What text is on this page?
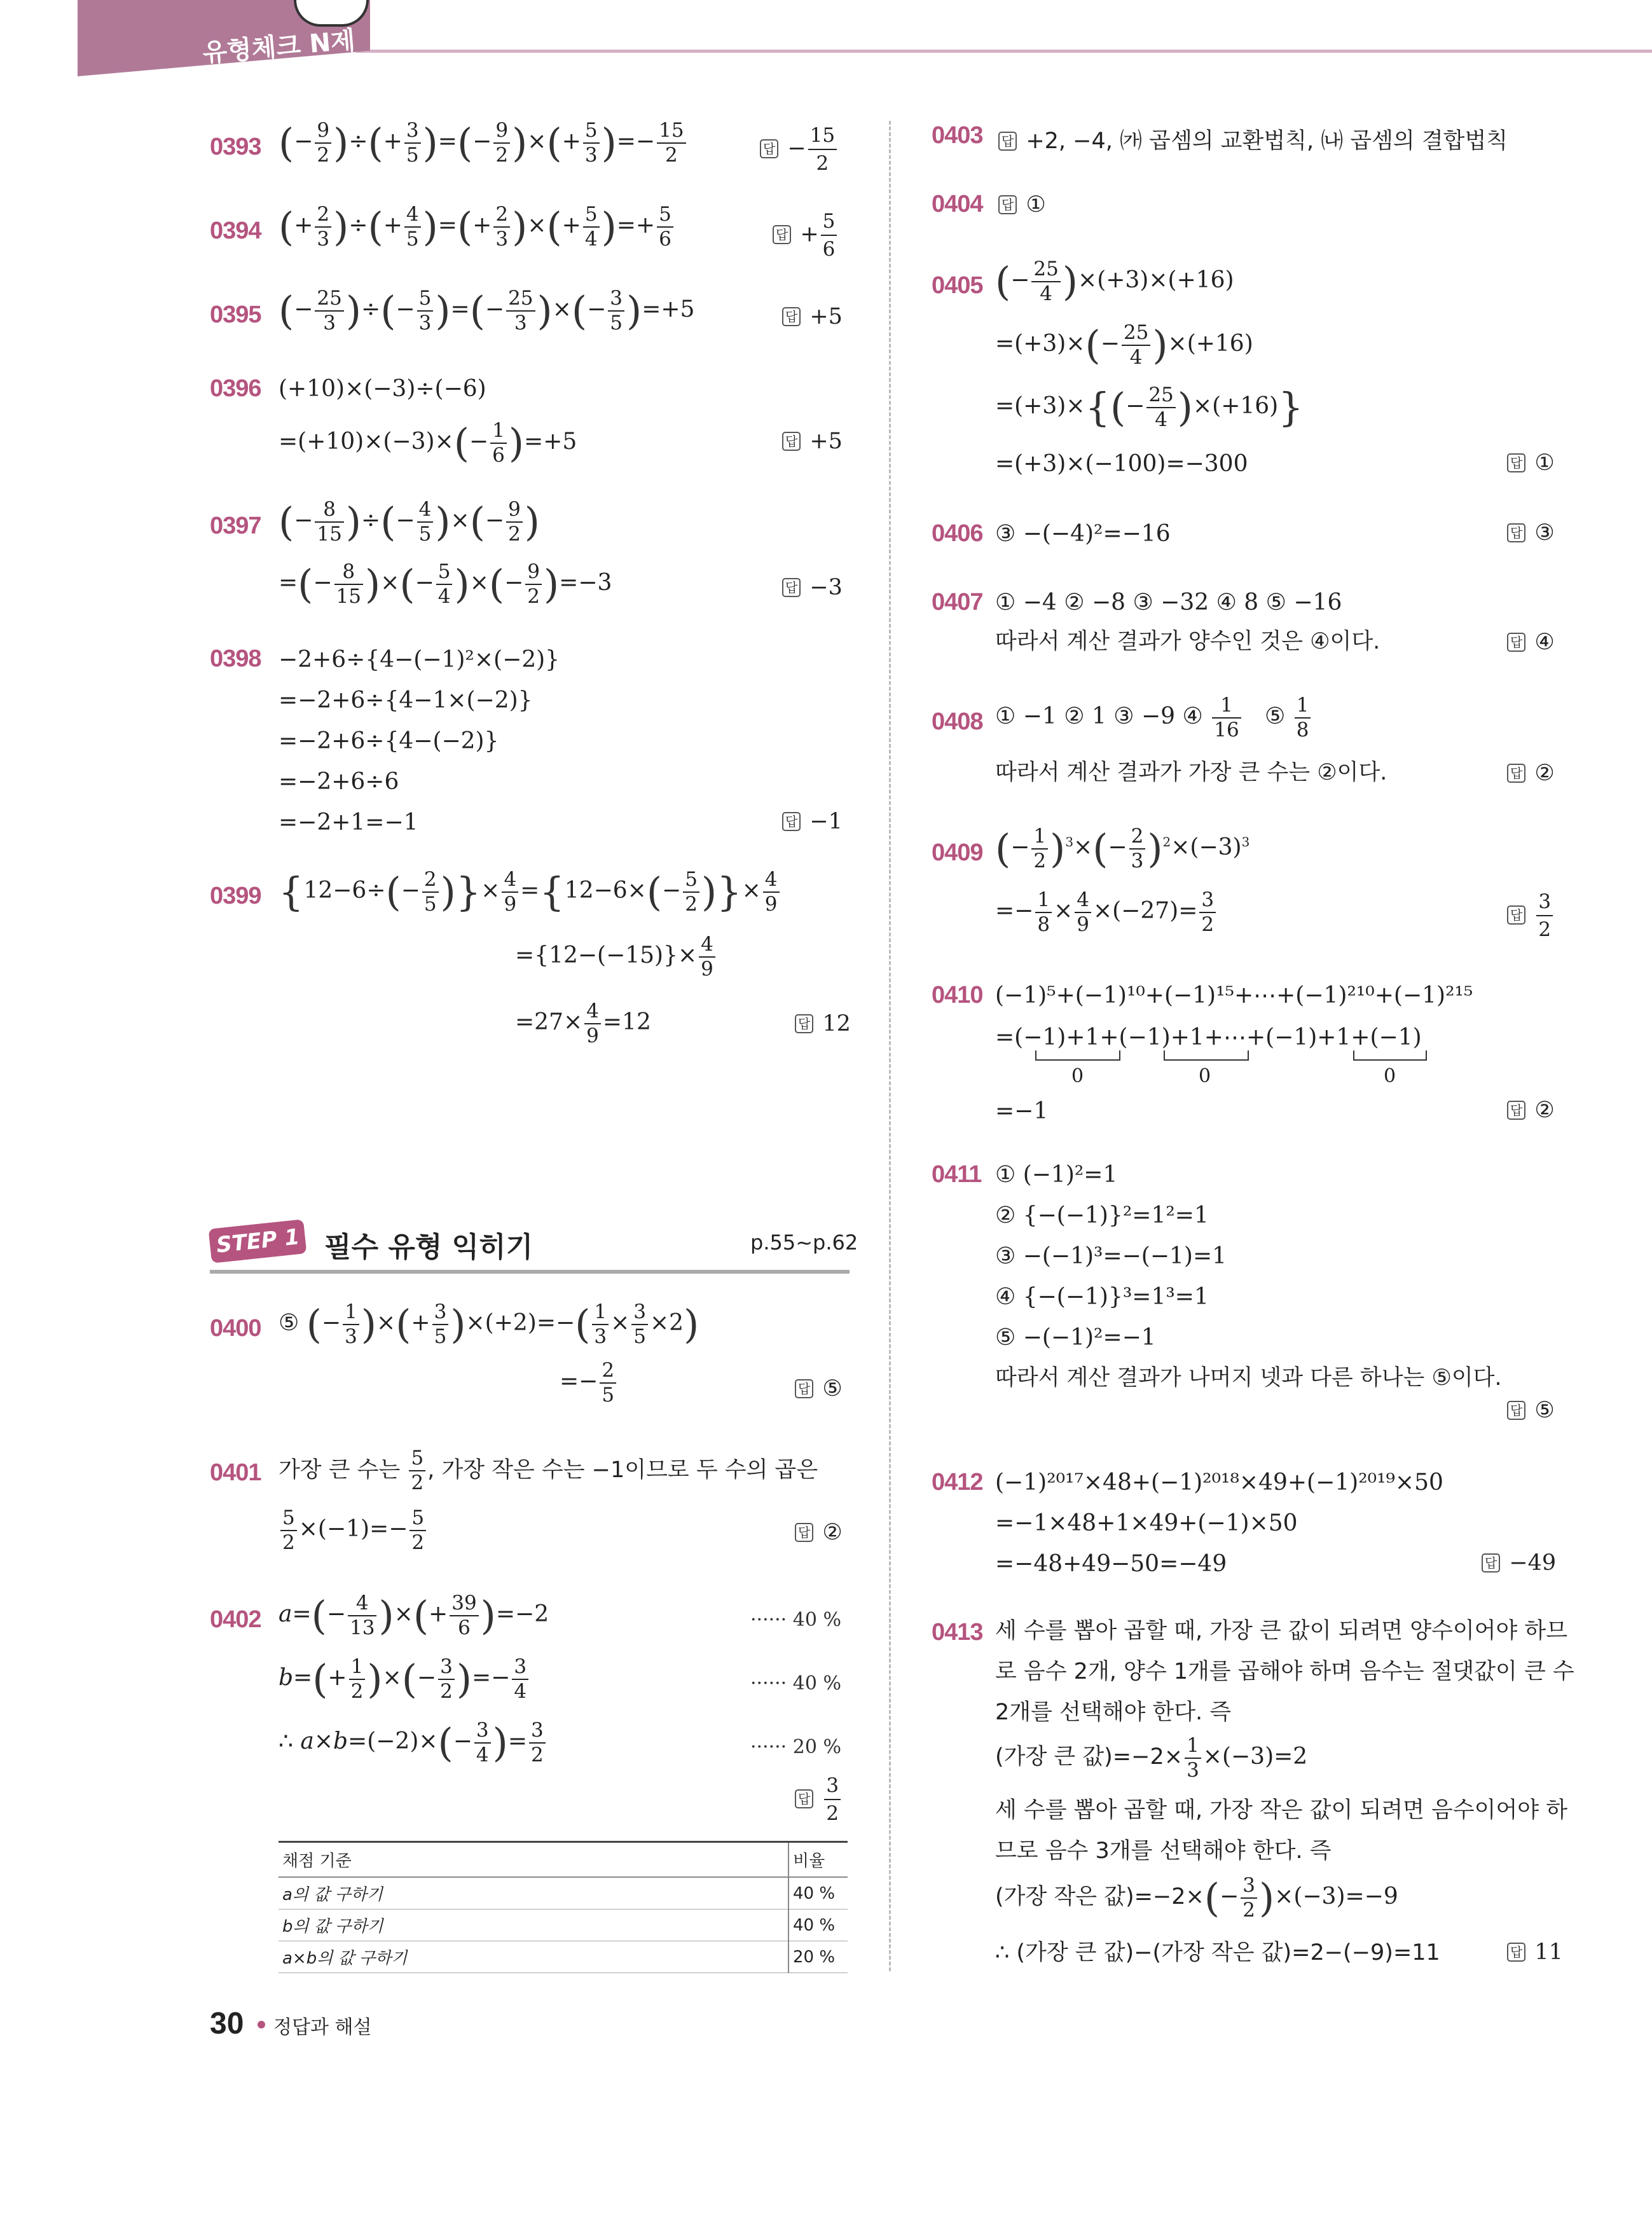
유형체크 N제
0393 (− $\frac{9}{2}$ )÷(+ $\frac{3}{5}$ )=(− $\frac{9}{2}$ )×(+ $\frac{5}{3}$ )=− $\frac{15}{2}$	답 − $\frac{15}{2}$
0394 (+ $\frac{2}{3}$ )÷(+ $\frac{4}{5}$ )=(+ $\frac{2}{3}$ )×(+ $\frac{5}{4}$ )=+ $\frac{5}{6}$	답 + $\frac{5}{6}$
0395 (− $\frac{25}{3}$ )÷(− $\frac{5}{3}$ )=(− $\frac{25}{3}$ )×(− $\frac{3}{5} )=+5$	답 +5
0396 (+10)×(−3)÷(−6)
$=(+10)\times(-3)\times(- \frac{1}{6} )=+5$	답 +5
0397 (− $\frac{8}{15}$ )÷(− $\frac{4}{5}$ )×(− $\frac{9}{2}$ )
=(− $\frac{8}{15}$ )×(− $\frac{5}{4}$ )×(− $\frac{9}{2} )=-3$	답 −3
0398 −2+6÷{4−(−1)²×(−2)}
=−2+6÷{4−1×(−2)}
=−2+6÷{4−(−2)}
=−2+6÷6
=−2+1=−1	답 −1
0399 {$12-6\div(- \frac{2}{5}$ )}× $\frac{4}{9} =\{12-6\times(- \frac{5}{2}$ )}× $\frac{4}{9}$
$=\{12-(-15)\}\times \frac{4}{9}$
$=27\times \frac{4}{9} =12$	답 12
STEP 1 필수 유형 익히기	p.55~p.62
0400 ⑤ (− $\frac{1}{3}$ )×(+ $\frac{3}{5} )\times(+2)=-( \frac{1}{3} \times \frac{3}{5} \times 2)$
=− $\frac{2}{5}$	답 ⑤
0401 가장 큰 수는 $\frac{5}{2}$ , 가장 작은 수는 −1이므로 두 수의 곱은
$\frac{5}{2} \times(-1)=- \frac{5}{2}$	답 ②
0402 $a=(- \frac{4}{13}$ )×(+ $\frac{39}{6} )=-2$	······ 40 %
$b=(+ \frac{1}{2}$ )×(− $\frac{3}{2}$ )=− $\frac{3}{4}$	······ 40 %
∴ $a\times b=(-2)\times(- \frac{3}{4}$ )= $\frac{3}{2}$	······ 20 %
답 $\frac{3}{2}$
채점 기준	비율
a의 값 구하기	40 %
b의 값 구하기	40 %
a×b의 값 구하기	20 %
30 정답과 해설
0403 답 +2, −4, ㈎ 곱셈의 교환법칙, ㈏ 곱셈의 결합법칙
0404 답 ①
0405 (− $\frac{25}{4} )\times(+3)\times(+16)$
$=(+3)\times(- \frac{25}{4} )\times(+16)$
$=(+3)\times\{(- \frac{25}{4} )\times(+16)\}$
=(+3)×(−100)=−300	답 ①
0406 ③ −(−4)²=−16	답 ③
0407 ① −4 ② −8 ③ −32 ④ 8 ⑤ −16
따라서 계산 결과가 양수인 것은 ④이다.	답 ④
0408 ① −1 ② 1 ③ −9 ④ $\frac{1}{16}$ ⑤ $\frac{1}{8}$
따라서 계산 결과가 가장 큰 수는 ②이다.	답 ②
0409 (− $\frac{1}{2} )^3\times(- \frac{2}{3} )^2\times(-3)^3$
=− $\frac{1}{8} \times \frac{4}{9} \times(-27)= \frac{3}{2}$	답 $\frac{3}{2}$
0410 (−1)⁵+(−1)¹⁰+(−1)¹⁵+⋯+(−1)²¹⁰+(−1)²¹⁵
=(−1)+1+(−1)+1+⋯+(−1)+1+(−1)
0	0	0
=−1	답 ②
0411 ① (−1)²=1
② {−(−1)}²=1²=1
③ −(−1)³=−(−1)=1
④ {−(−1)}³=1³=1
⑤ −(−1)²=−1
따라서 계산 결과가 나머지 넷과 다른 하나는 ⑤이다.
답 ⑤
0412 (−1)²⁰¹⁷×48+(−1)²⁰¹⁸×49+(−1)²⁰¹⁹×50
=−1×48+1×49+(−1)×50
=−48+49−50=−49	답 −49
0413 세 수를 뽑아 곱할 때, 가장 큰 값이 되려면 양수이어야 하므
로 음수 2개, 양수 1개를 곱해야 하며 음수는 절댓값이 큰 수
2개를 선택해야 한다. 즉
(가장 큰 값)$=-2\times \frac{1}{3} \times(-3)=2$
세 수를 뽑아 곱할 때, 가장 작은 값이 되려면 음수이어야 하
므로 음수 3개를 선택해야 한다. 즉
(가장 작은 값)$=-2\times(- \frac{3}{2} )\times(-3)=-9$
∴ (가장 큰 값)−(가장 작은 값)=2−(−9)=11	답 11
